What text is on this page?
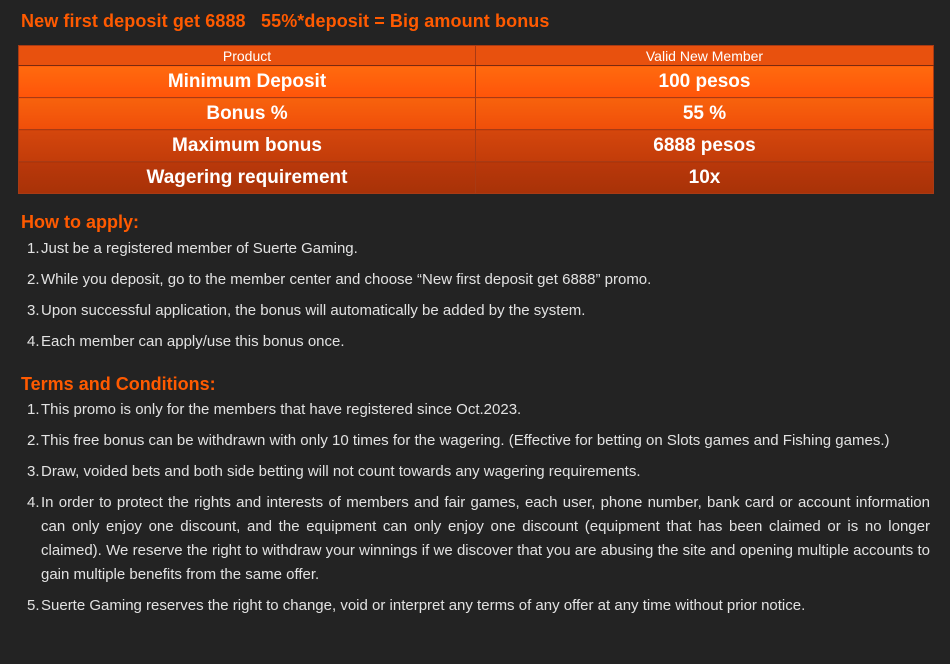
New first deposit get 6888   55%*deposit = Big amount bonus
Product	Valid New Member
Minimum Deposit	100 pesos
Bonus %	55 %
Maximum bonus	6888 pesos
Wagering requirement	10x
How to apply:
1. Just be a registered member of Suerte Gaming.
2. While you deposit, go to the member center and choose “New first deposit get 6888” promo.
3. Upon successful application, the bonus will automatically be added by the system.
4. Each member can apply/use this bonus once.
Terms and Conditions:
1. This promo is only for the members that have registered since Oct.2023.
2. This free bonus can be withdrawn with only 10 times for the wagering. (Effective for betting on Slots games and Fishing games.)
3. Draw, voided bets and both side betting will not count towards any wagering requirements.
4. In order to protect the rights and interests of members and fair games, each user, phone number, bank card or account information can only enjoy one discount, and the equipment can only enjoy one discount (equipment that has been claimed or is no longer claimed). We reserve the right to withdraw your winnings if we discover that you are abusing the site and opening multiple accounts to gain multiple benefits from the same offer.
5. Suerte Gaming reserves the right to change, void or interpret any terms of any offer at any time without prior notice.
